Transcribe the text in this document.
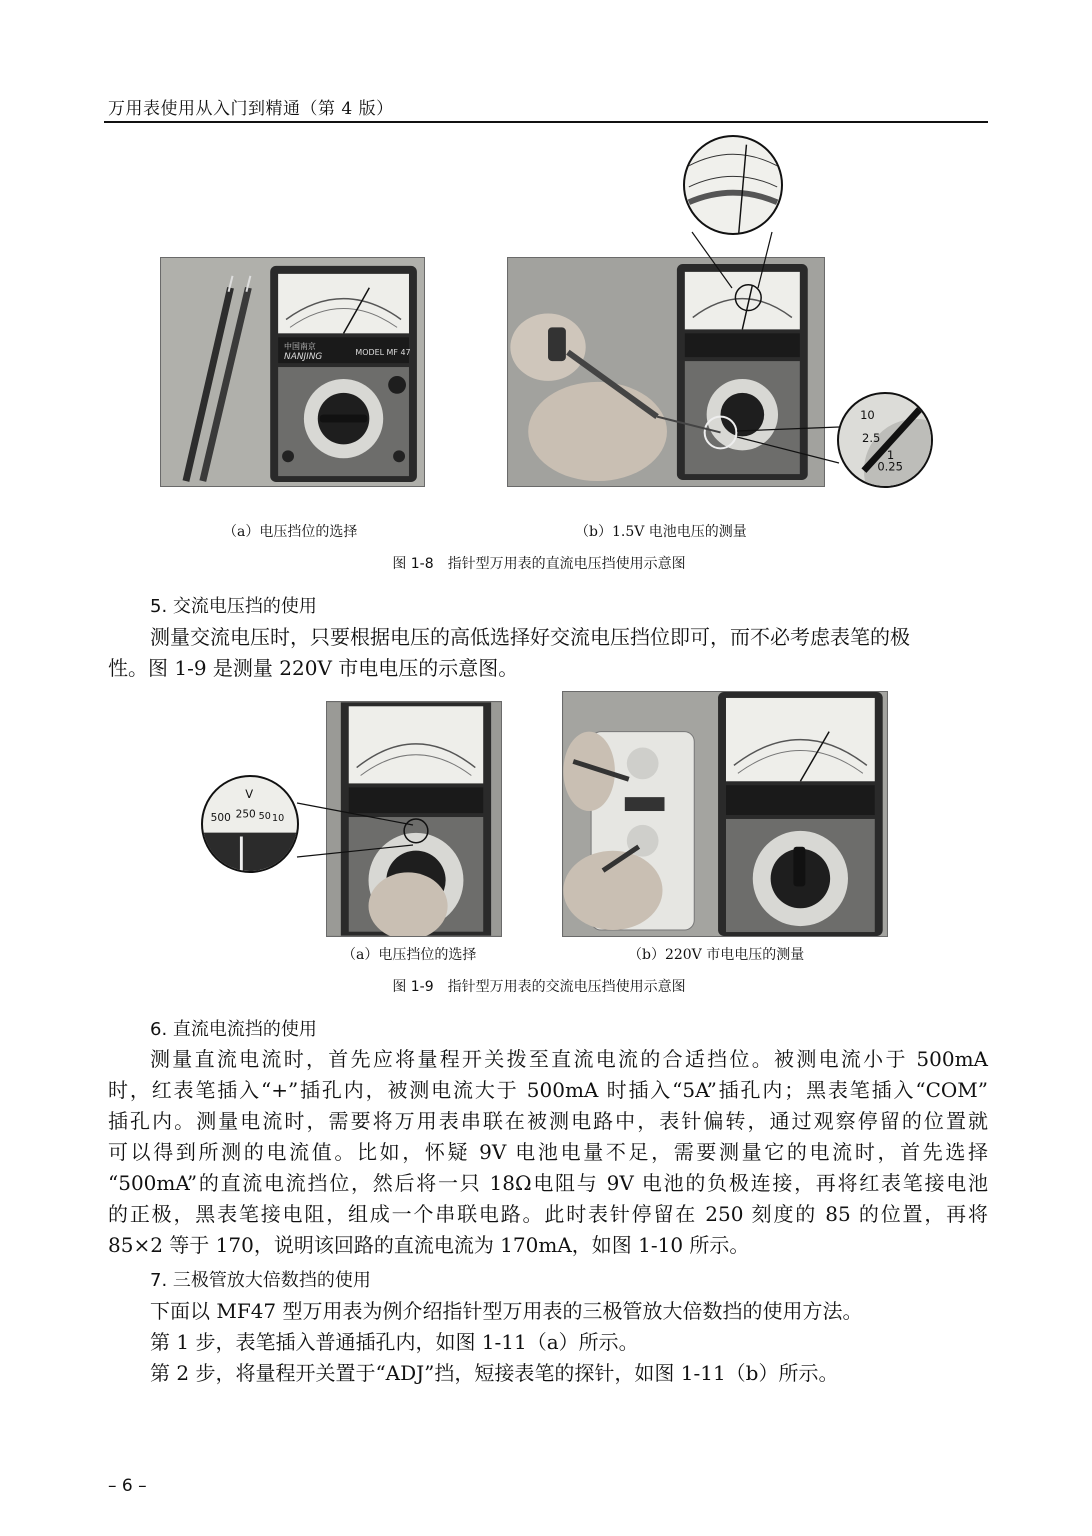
万用表使用从入门到精通（第 4 版）
中国南京
NANJING	MODEL MF 47
10
2.5
1
0.25
（a）电压挡位的选择	（b）1.5V 电池电压的测量
图 1-8 指针型万用表的直流电压挡使用示意图
5. 交流电压挡的使用
测量交流电压时，只要根据电压的高低选择好交流电压挡位即可，而不必考虑表笔的极
性。图 1-9 是测量 220V 市电电压的示意图。
V
500 250 50 10
（a）电压挡位的选择	（b）220V 市电电压的测量
图 1-9 指针型万用表的交流电压挡使用示意图
6. 直流电流挡的使用
测量直流电流时，首先应将量程开关拨至直流电流的合适挡位。被测电流小于 500mA
时，红表笔插入“+”插孔内，被测电流大于 500mA 时插入“5A”插孔内；黑表笔插入“COM”
插孔内。测量电流时，需要将万用表串联在被测电路中，表针偏转，通过观察停留的位置就
可以得到所测的电流值。比如，怀疑 9V 电池电量不足，需要测量它的电流时，首先选择
“500mA”的直流电流挡位，然后将一只 18Ω电阻与 9V 电池的负极连接，再将红表笔接电池
的正极，黑表笔接电阻，组成一个串联电路。此时表针停留在 250 刻度的 85 的位置，再将
85×2 等于 170，说明该回路的直流电流为 170mA，如图 1-10 所示。
7. 三极管放大倍数挡的使用
下面以 MF47 型万用表为例介绍指针型万用表的三极管放大倍数挡的使用方法。
第 1 步，表笔插入普通插孔内，如图 1-11（a）所示。
第 2 步，将量程开关置于“ADJ”挡，短接表笔的探针，如图 1-11（b）所示。
– 6 –
